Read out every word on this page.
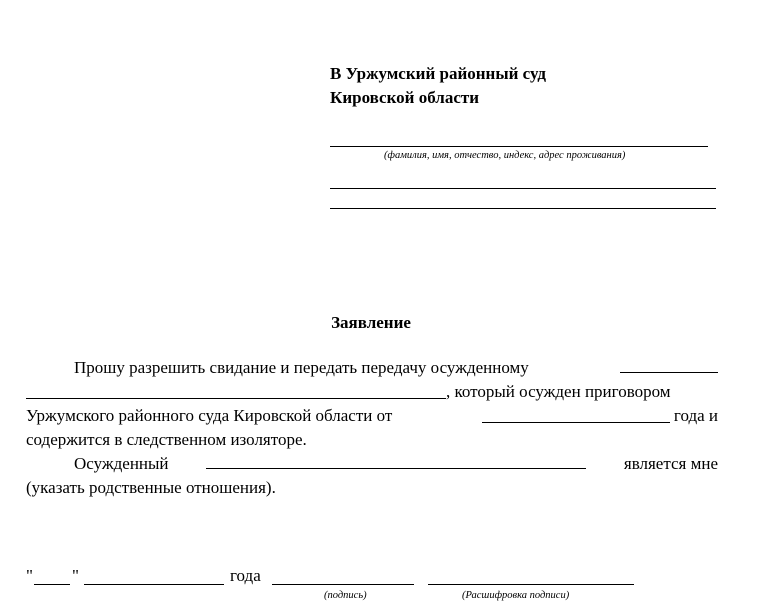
В Уржумский районный суд
Кировской области
(фамилия, имя, отчество, индекс, адрес проживания)
Заявление
Прошу разрешить свидание и передать передачу осужденному
, который осужден приговором
Уржумского районного суда Кировской области от	года и
содержится в следственном изоляторе.
Осужденный	является мне
(указать родственные отношения).
" "	года
(подпись)	(Расшифровка подписи)
